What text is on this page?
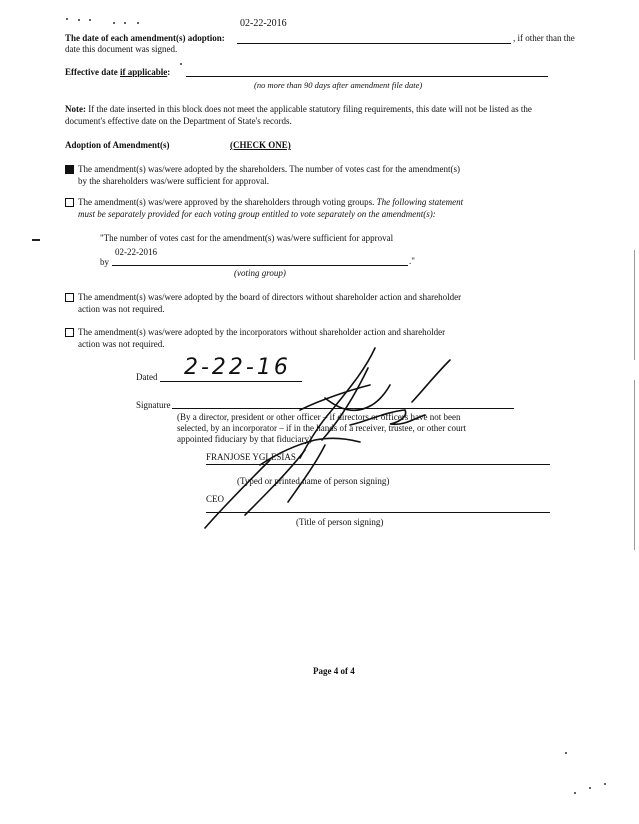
02-22-2016
The date of each amendment(s) adoption:	, if other than the
date this document was signed.
Effective date if applicable:
(no more than 90 days after amendment file date)
Note: If the date inserted in this block does not meet the applicable statutory filing requirements, this date will not be listed as the
document's effective date on the Department of State's records.
Adoption of Amendment(s)	(CHECK ONE)
The amendment(s) was/were adopted by the shareholders. The number of votes cast for the amendment(s)
by the shareholders was/were sufficient for approval.
The amendment(s) was/were approved by the shareholders through voting groups. The following statement
must be separately provided for each voting group entitled to vote separately on the amendment(s):
"The number of votes cast for the amendment(s) was/were sufficient for approval
02-22-2016
by	."
(voting group)
The amendment(s) was/were adopted by the board of directors without shareholder action and shareholder
action was not required.
The amendment(s) was/were adopted by the incorporators without shareholder action and shareholder
action was not required.
Dated 2-22-16
Signature
(By a director, president or other officer – if directors or officers have not been
selected, by an incorporator – if in the hands of a receiver, trustee, or other court
appointed fiduciary by that fiduciary)
FRANJOSE YGLESIAS
(Typed or printed name of person signing)
CEO
(Title of person signing)
Page 4 of 4
